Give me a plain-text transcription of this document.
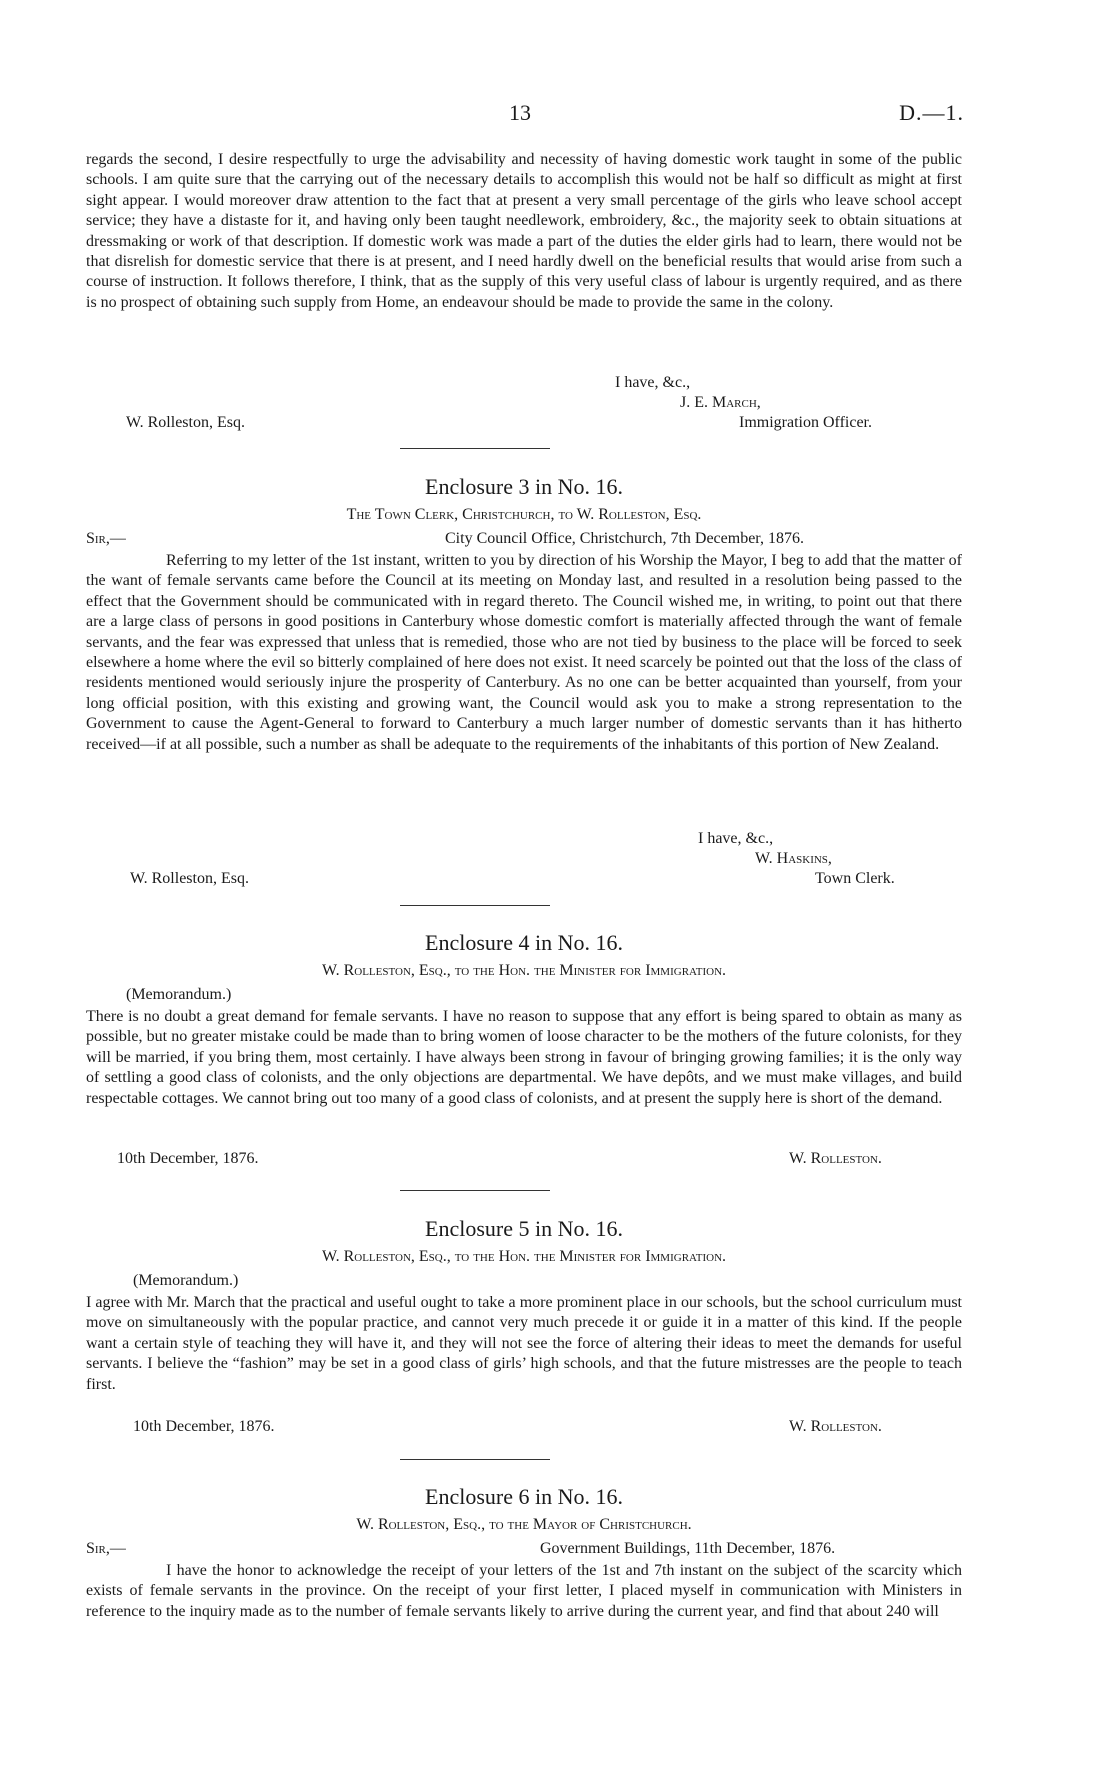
13	D.—1.

regards the second, I desire respectfully to urge the advisability and necessity of having domestic work taught in some of the public schools. I am quite sure that the carrying out of the necessary details to accomplish this would not be half so difficult as might at first sight appear. I would moreover draw attention to the fact that at present a very small percentage of the girls who leave school accept service; they have a distaste for it, and having only been taught needlework, embroidery, &c., the majority seek to obtain situations at dressmaking or work of that description. If domestic work was made a part of the duties the elder girls had to learn, there would not be that disrelish for domestic service that there is at present, and I need hardly dwell on the beneficial results that would arise from such a course of instruction. It follows therefore, I think, that as the supply of this very useful class of labour is urgently required, and as there is no prospect of obtaining such supply from Home, an endeavour should be made to provide the same in the colony.

I have, &c.,
J. E. March,
W. Rolleston, Esq.	Immigration Officer.
Enclosure 3 in No. 16.
The Town Clerk, Christchurch, to W. Rolleston, Esq.
Sir,—	City Council Office, Christchurch, 7th December, 1876.

Referring to my letter of the 1st instant, written to you by direction of his Worship the Mayor, I beg to add that the matter of the want of female servants came before the Council at its meeting on Monday last, and resulted in a resolution being passed to the effect that the Government should be communicated with in regard thereto. The Council wished me, in writing, to point out that there are a large class of persons in good positions in Canterbury whose domestic comfort is materially affected through the want of female servants, and the fear was expressed that unless that is remedied, those who are not tied by business to the place will be forced to seek elsewhere a home where the evil so bitterly complained of here does not exist. It need scarcely be pointed out that the loss of the class of residents mentioned would seriously injure the prosperity of Canterbury. As no one can be better acquainted than yourself, from your long official position, with this existing and growing want, the Council would ask you to make a strong representation to the Government to cause the Agent-General to forward to Canterbury a much larger number of domestic servants than it has hitherto received—if at all possible, such a number as shall be adequate to the requirements of the inhabitants of this portion of New Zealand.

I have, &c.,
W. Haskins,
W. Rolleston, Esq.	Town Clerk.
Enclosure 4 in No. 16.
W. Rolleston, Esq., to the Hon. the Minister for Immigration.
(Memorandum.)

There is no doubt a great demand for female servants. I have no reason to suppose that any effort is being spared to obtain as many as possible, but no greater mistake could be made than to bring women of loose character to be the mothers of the future colonists, for they will be married, if you bring them, most certainly. I have always been strong in favour of bringing growing families; it is the only way of settling a good class of colonists, and the only objections are departmental. We have depôts, and we must make villages, and build respectable cottages. We cannot bring out too many of a good class of colonists, and at present the supply here is short of the demand.

10th December, 1876.	W. Rolleston.
Enclosure 5 in No. 16.
W. Rolleston, Esq., to the Hon. the Minister for Immigration.
(Memorandum.)

I agree with Mr. March that the practical and useful ought to take a more prominent place in our schools, but the school curriculum must move on simultaneously with the popular practice, and cannot very much precede it or guide it in a matter of this kind. If the people want a certain style of teaching they will have it, and they will not see the force of altering their ideas to meet the demands for useful servants. I believe the “fashion” may be set in a good class of girls’ high schools, and that the future mistresses are the people to teach first.

10th December, 1876.	W. Rolleston.
Enclosure 6 in No. 16.
W. Rolleston, Esq., to the Mayor of Christchurch.
Sir,—	Government Buildings, 11th December, 1876.

I have the honor to acknowledge the receipt of your letters of the 1st and 7th instant on the subject of the scarcity which exists of female servants in the province. On the receipt of your first letter, I placed myself in communication with Ministers in reference to the inquiry made as to the number of female servants likely to arrive during the current year, and find that about 240 will
